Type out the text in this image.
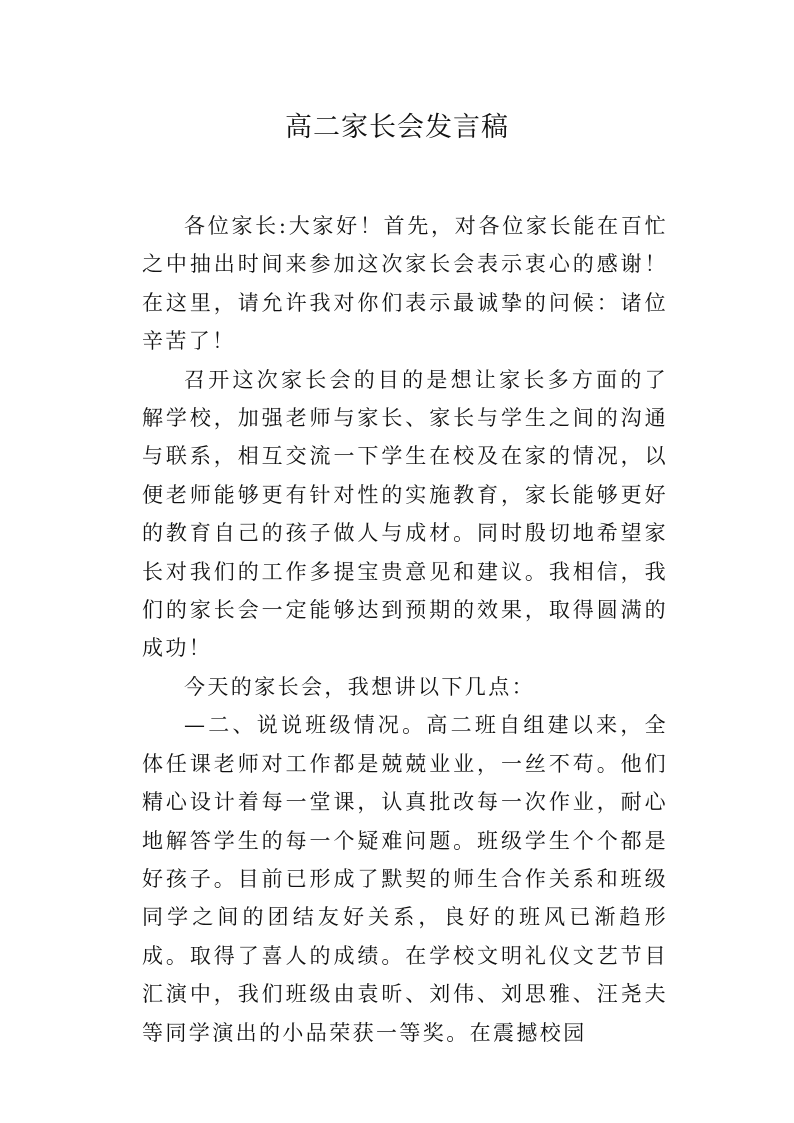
高二家长会发言稿

各位家长:大家好！首先，对各位家长能在百忙之中抽出时间来参加这次家长会表示衷心的感谢！在这里，请允许我对你们表示最诚挚的问候：诸位辛苦了！

召开这次家长会的目的是想让家长多方面的了解学校，加强老师与家长、家长与学生之间的沟通与联系，相互交流一下学生在校及在家的情况，以便老师能够更有针对性的实施教育，家长能够更好的教育自己的孩子做人与成材。同时殷切地希望家长对我们的工作多提宝贵意见和建议。我相信，我们的家长会一定能够达到预期的效果，取得圆满的成功！

今天的家长会，我想讲以下几点：

—二、说说班级情况。高二班自组建以来，全体任课老师对工作都是兢兢业业，一丝不苟。他们精心设计着每一堂课，认真批改每一次作业，耐心地解答学生的每一个疑难问题。班级学生个个都是好孩子。目前已形成了默契的师生合作关系和班级同学之间的团结友好关系，良好的班风已渐趋形成。取得了喜人的成绩。在学校文明礼仪文艺节目汇演中，我们班级由袁昕、刘伟、刘思雅、汪尧夫等同学演出的小品荣获一等奖。在震撼校园
